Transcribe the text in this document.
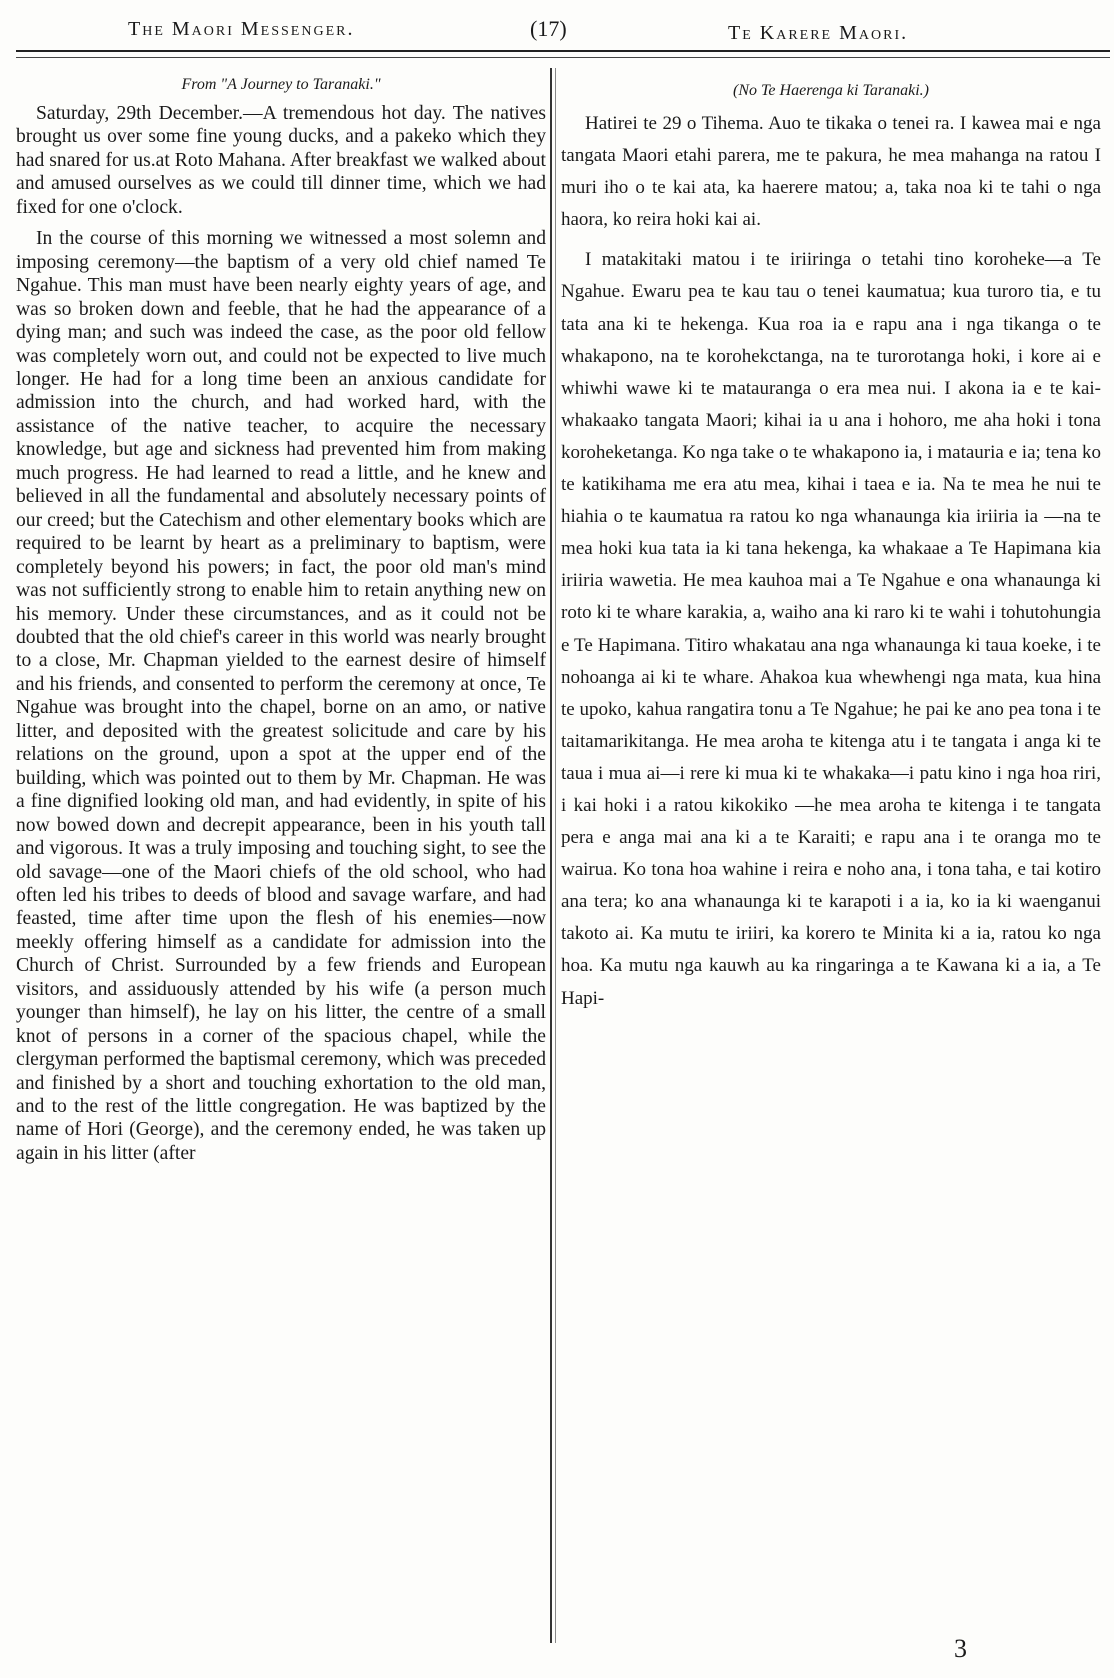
The Maori Messenger.	(17)	Te Karere Maori.
From "A Journey to Taranaki."

Saturday, 29th December.—A tremendous hot day. The natives brought us over some fine young ducks, and a pakeko which they had snared for us.at Roto Mahana. After breakfast we walked about and amused ourselves as we could till dinner time, which we had fixed for one o'clock.

In the course of this morning we witnessed a most solemn and imposing ceremony—the baptism of a very old chief named Te Ngahue. This man must have been nearly eighty years of age, and was so broken down and feeble, that he had the appearance of a dying man; and such was indeed the case, as the poor old fellow was completely worn out, and could not be expected to live much longer. He had for a long time been an anxious candidate for admission into the church, and had worked hard, with the assistance of the native teacher, to acquire the necessary knowledge, but age and sickness had prevented him from making much progress. He had learned to read a little, and he knew and believed in all the fundamental and absolutely necessary points of our creed; but the Catechism and other elementary books which are required to be learnt by heart as a preliminary to baptism, were completely beyond his powers; in fact, the poor old man's mind was not sufficiently strong to enable him to retain anything new on his memory. Under these circumstances, and as it could not be doubted that the old chief's career in this world was nearly brought to a close, Mr. Chapman yielded to the earnest desire of himself and his friends, and consented to perform the ceremony at once, Te Ngahue was brought into the chapel, borne on an amo, or native litter, and deposited with the greatest solicitude and care by his relations on the ground, upon a spot at the upper end of the building, which was pointed out to them by Mr. Chapman. He was a fine dignified looking old man, and had evidently, in spite of his now bowed down and decrepit appearance, been in his youth tall and vigorous. It was a truly imposing and touching sight, to see the old savage—one of the Maori chiefs of the old school, who had often led his tribes to deeds of blood and savage warfare, and had feasted, time after time upon the flesh of his enemies—now meekly offering himself as a candidate for admission into the Church of Christ. Surrounded by a few friends and European visitors, and assiduously attended by his wife (a person much younger than himself), he lay on his litter, the centre of a small knot of persons in a corner of the spacious chapel, while the clergyman performed the baptismal ceremony, which was preceded and finished by a short and touching exhortation to the old man, and to the rest of the little congregation. He was baptized by the name of Hori (George), and the ceremony ended, he was taken up again in his litter (after

(No Te Haerenga ki Taranaki.)

Hatirei te 29 o Tihema. Auo te tikaka o tenei ra. I kawea mai e nga tangata Maori etahi parera, me te pakura, he mea mahanga na ratou I muri iho o te kai ata, ka haerere matou; a, taka noa ki te tahi o nga haora, ko reira hoki kai ai.

I matakitaki matou i te iriiringa o tetahi tino koroheke—a Te Ngahue. Ewaru pea te kau tau o tenei kaumatua; kua turoro tia, e tu tata ana ki te hekenga. Kua roa ia e rapu ana i nga tikanga o te whakapono, na te korohekctanga, na te turorotanga hoki, i kore ai e whiwhi wawe ki te matauranga o era mea nui. I akona ia e te kai-whakaako tangata Maori; kihai ia u ana i hohoro, me aha hoki i tona koroheketanga. Ko nga take o te whakapono ia, i matauria e ia; tena ko te katikihama me era atu mea, kihai i taea e ia. Na te mea he nui te hiahia o te kaumatua ra ratou ko nga whanaunga kia iriiria ia —na te mea hoki kua tata ia ki tana hekenga, ka whakaae a Te Hapimana kia iriiria wawetia. He mea kauhoa mai a Te Ngahue e ona whanaunga ki roto ki te whare karakia, a, waiho ana ki raro ki te wahi i tohutohungia e Te Hapimana. Titiro whakatau ana nga whanaunga ki taua koeke, i te nohoanga ai ki te whare. Ahakoa kua whewhengi nga mata, kua hina te upoko, kahua rangatira tonu a Te Ngahue; he pai ke ano pea tona i te taitamarikitanga. He mea aroha te kitenga atu i te tangata i anga ki te taua i mua ai—i rere ki mua ki te whakaka—i patu kino i nga hoa riri, i kai hoki i a ratou kikokiko —he mea aroha te kitenga i te tangata pera e anga mai ana ki a te Karaiti; e rapu ana i te oranga mo te wairua. Ko tona hoa wahine i reira e noho ana, i tona taha, e tai kotiro ana tera; ko ana whanaunga ki te karapoti i a ia, ko ia ki waenganui takoto ai. Ka mutu te iriiri, ka korero te Minita ki a ia, ratou ko nga hoa. Ka mutu nga kauwh au ka ringaringa a te Kawana ki a ia, a Te Hapi-

3
